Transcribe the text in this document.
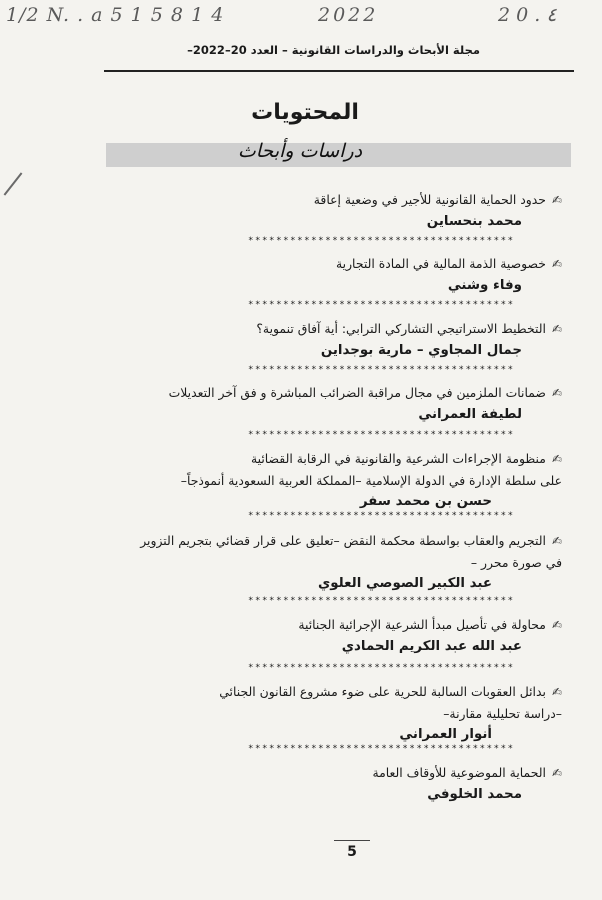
1/2 N. . a 5 1 5 8 1 4	2022	2 0 . ٤
مجلة الأبحاث والدراسات القانونية – العدد 20–2022–
المحتويات
دراسات وأبحاث
✍حدود الحماية القانونية للأجير في وضعية إعاقة
محمد بنحساين
✍خصوصية الذمة المالية في المادة التجارية
وفاء وشني
✍التخطيط الاستراتيجي التشاركي الترابي: أية آفاق تنموية؟
جمال المجاوي – مارية بوجداين
✍ضمانات الملزمين في مجال مراقبة الضرائب المباشرة و فق آخر التعديلات
لطيفة العمراني
✍منظومة الإجراءات الشرعية والقانونية في الرقابة القضائية
على سلطة الإدارة في الدولة الإسلامية –المملكة العربية السعودية أنموذجاً–
حسن بن محمد سفر
✍التجريم والعقاب بواسطة محكمة النقض –تعليق على قرار قضائي بتجريم التزوير
في صورة محرر –
عبد الكبير الصوصي العلوي
✍محاولة في تأصيل مبدأ الشرعية الإجرائية الجنائية
عبد الله عبد الكريم الحمادي
✍بدائل العقوبات السالبة للحرية على ضوء مشروع القانون الجنائي
–دراسة تحليلية مقارنة–
أنوار العمراني
✍الحماية الموضوعية للأوقاف العامة
محمد الخلوفي
**************************************
**************************************
**************************************
**************************************
**************************************
**************************************
**************************************
**************************************
5
